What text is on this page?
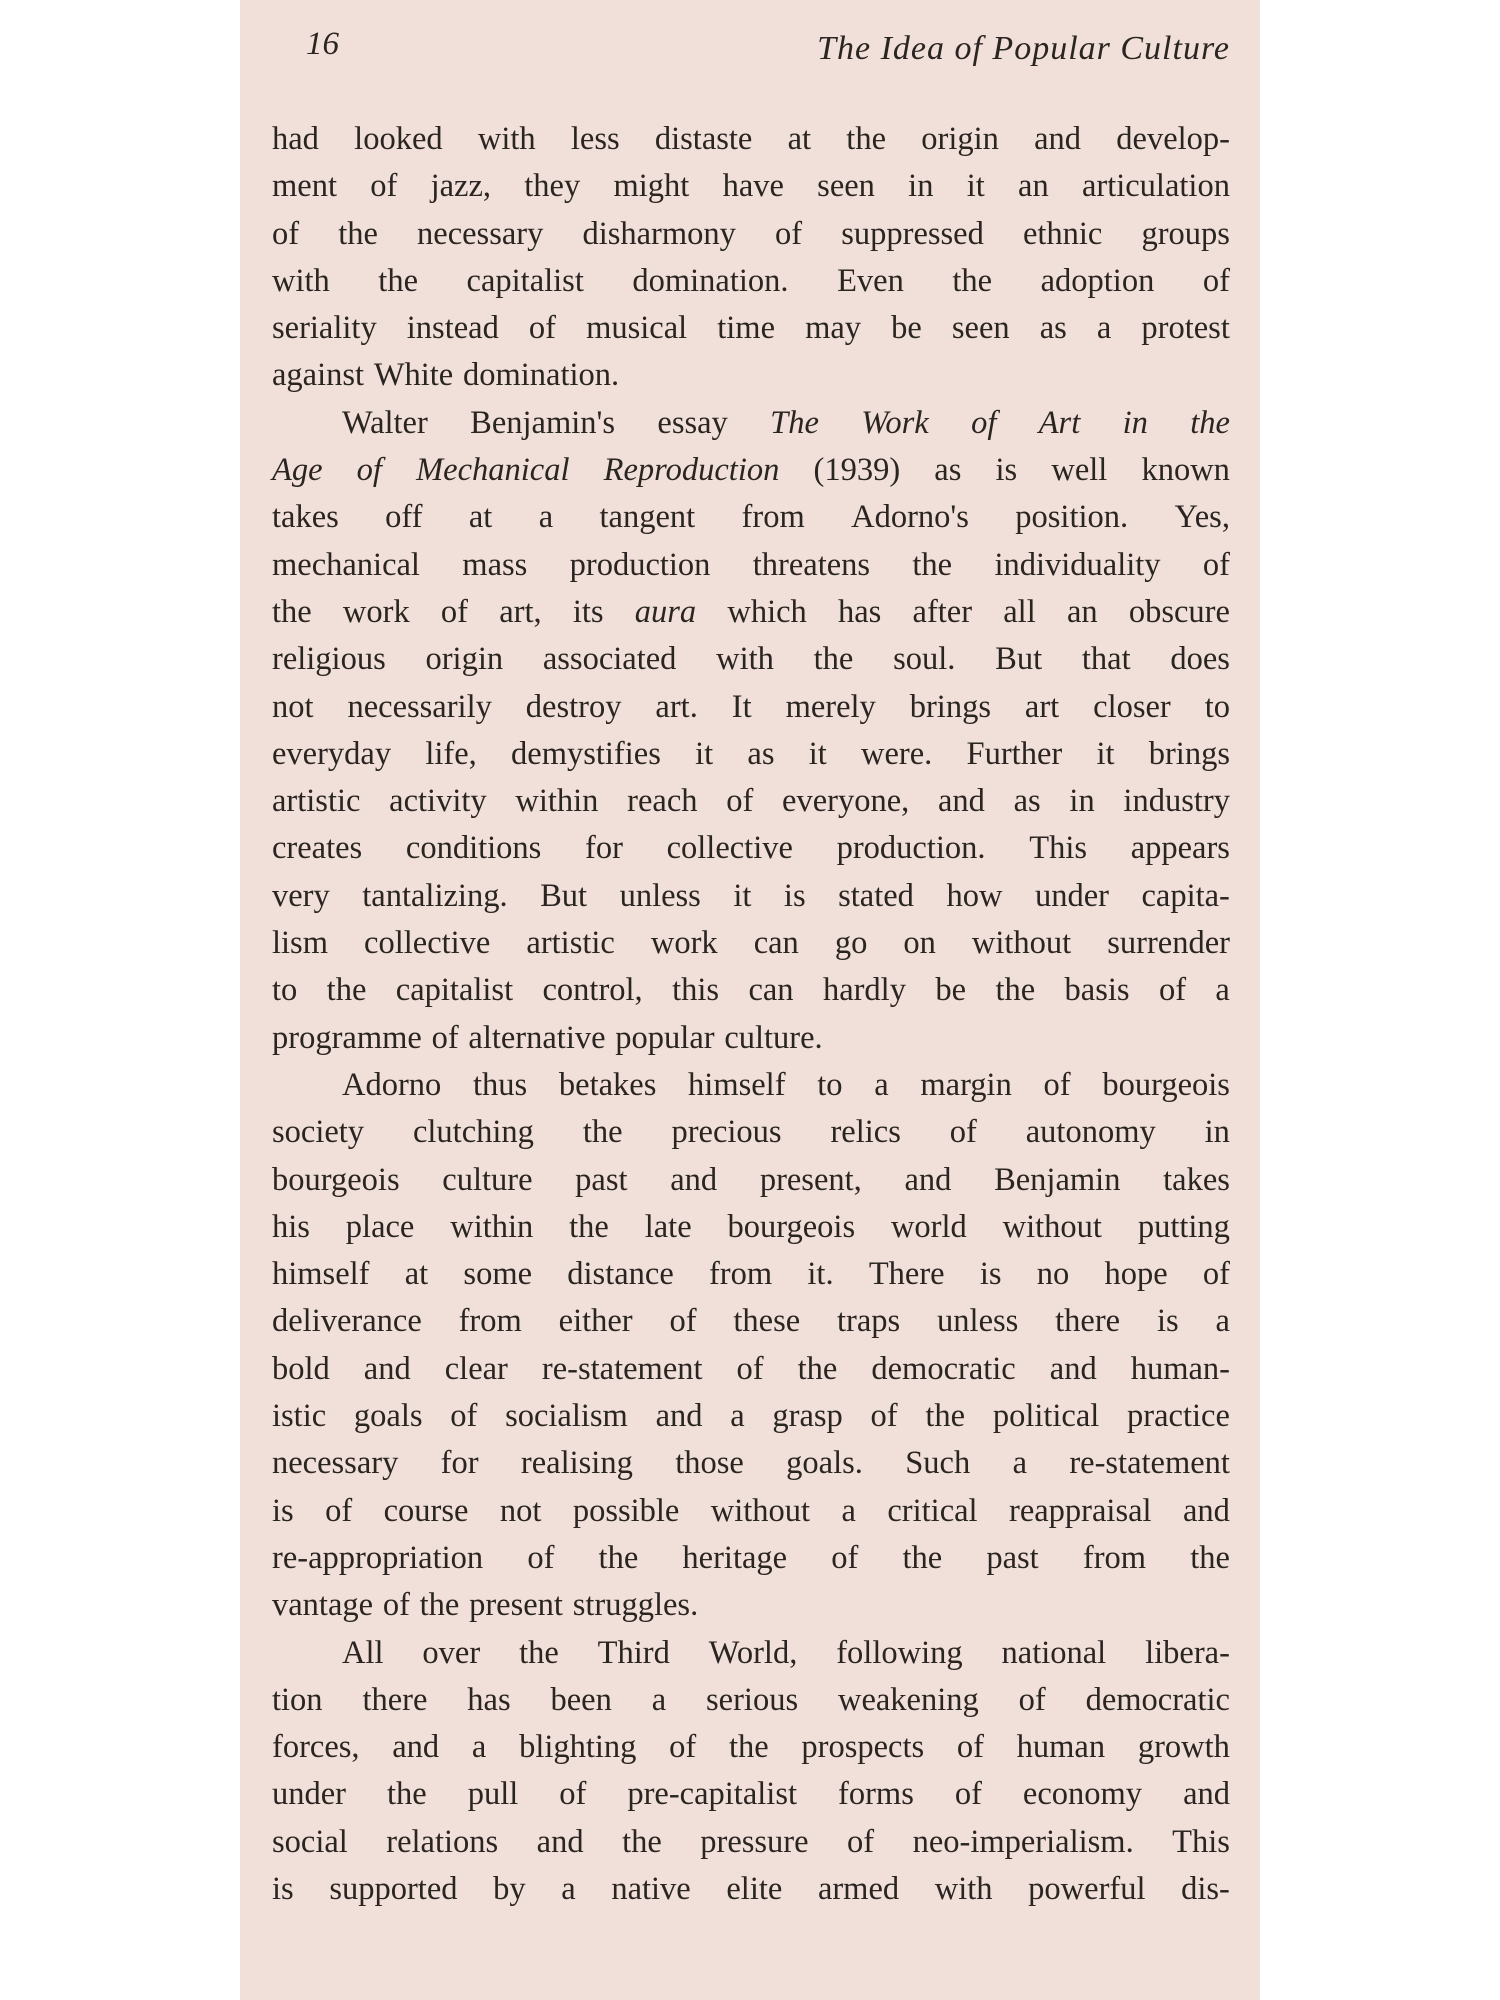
16	The Idea of Popular Culture
had looked with less distaste at the origin and develop-
ment of jazz, they might have seen in it an articulation
of the necessary disharmony of suppressed ethnic groups
with the capitalist domination. Even the adoption of
seriality instead of musical time may be seen as a protest
against White domination.
Walter Benjamin's essay The Work of Art in the
Age of Mechanical Reproduction (1939) as is well known
takes off at a tangent from Adorno's position. Yes,
mechanical mass production threatens the individuality of
the work of art, its aura which has after all an obscure
religious origin associated with the soul. But that does
not necessarily destroy art. It merely brings art closer to
everyday life, demystifies it as it were. Further it brings
artistic activity within reach of everyone, and as in industry
creates conditions for collective production. This appears
very tantalizing. But unless it is stated how under capita-
lism collective artistic work can go on without surrender
to the capitalist control, this can hardly be the basis of a
programme of alternative popular culture.
Adorno thus betakes himself to a margin of bourgeois
society clutching the precious relics of autonomy in
bourgeois culture past and present, and Benjamin takes
his place within the late bourgeois world without putting
himself at some distance from it. There is no hope of
deliverance from either of these traps unless there is a
bold and clear re-statement of the democratic and human-
istic goals of socialism and a grasp of the political practice
necessary for realising those goals. Such a re-statement
is of course not possible without a critical reappraisal and
re-appropriation of the heritage of the past from the
vantage of the present struggles.
All over the Third World, following national libera-
tion there has been a serious weakening of democratic
forces, and a blighting of the prospects of human growth
under the pull of pre-capitalist forms of economy and
social relations and the pressure of neo-imperialism. This
is supported by a native elite armed with powerful dis-
